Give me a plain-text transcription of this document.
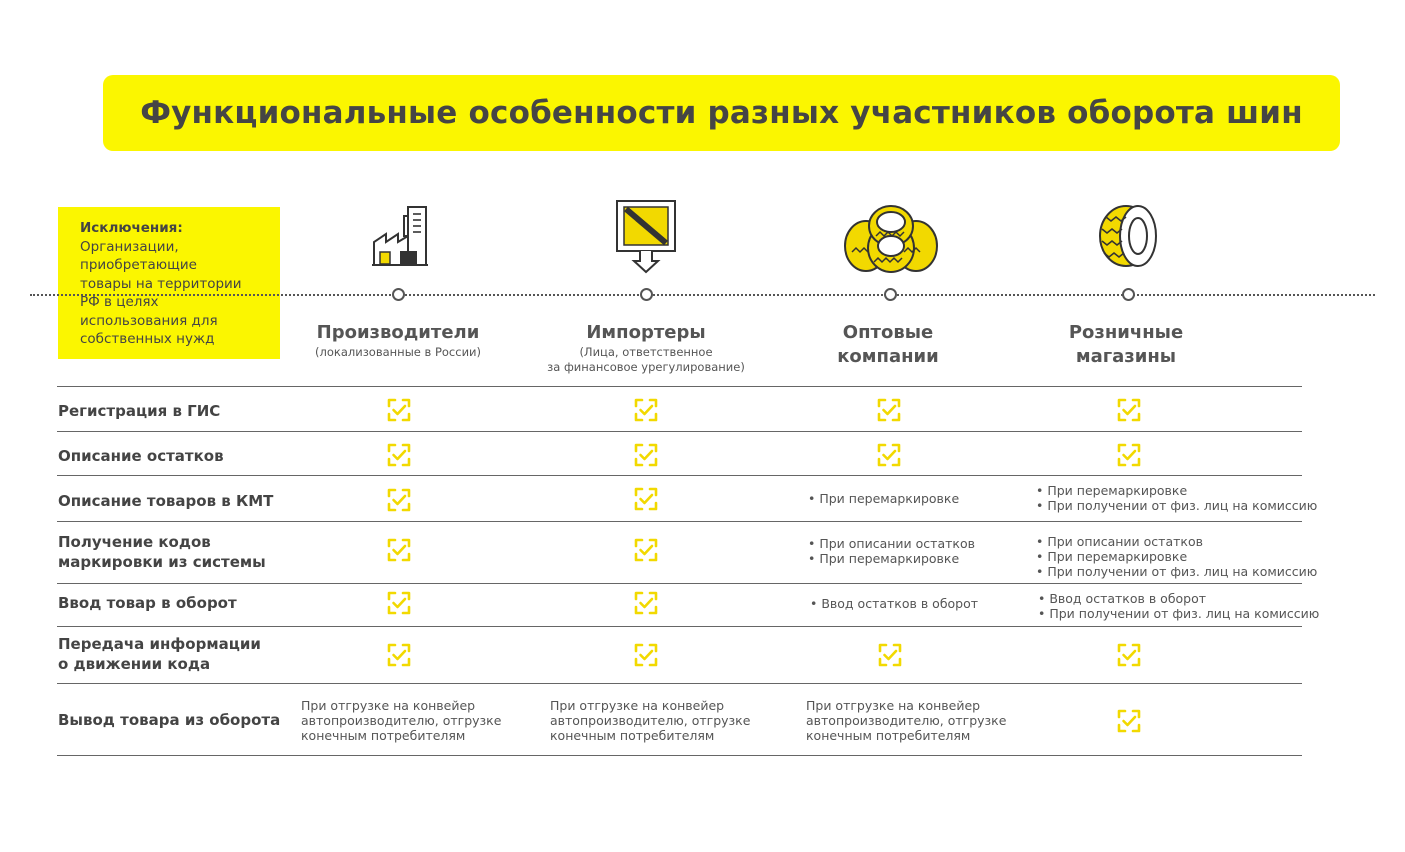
Функциональные особенности разных участников оборота шин
Исключения:
Организации,
приобретающие
товары на территории
РФ в целях
использования для
собственных нужд	Производители
(локализованные в России)
Импортеры
(Лица, ответственное
за финансовое урегулирование)
Оптовые
компании
Розничные
магазины
Регистрация в ГИС
Описание остатков
Описание товаров в КМТ
Получение кодов
маркировки из системы
Ввод товар в оборот
Передача информации
о движении кода
Вывод товара из оборота
• При перемаркировке
• При перемаркировке
• При получении от физ. лиц на комиссию
• При описании остатков
• При перемаркировке
• При описании остатков
• При перемаркировке
• При получении от физ. лиц на комиссию
• Ввод остатков в оборот	• Ввод остатков в оборот
• При получении от физ. лиц на комиссию
При отгрузке на конвейер
автопроизводителю, отгрузке
конечным потребителям
При отгрузке на конвейер
автопроизводителю, отгрузке
конечным потребителям
При отгрузке на конвейер
автопроизводителю, отгрузке
конечным потребителям
